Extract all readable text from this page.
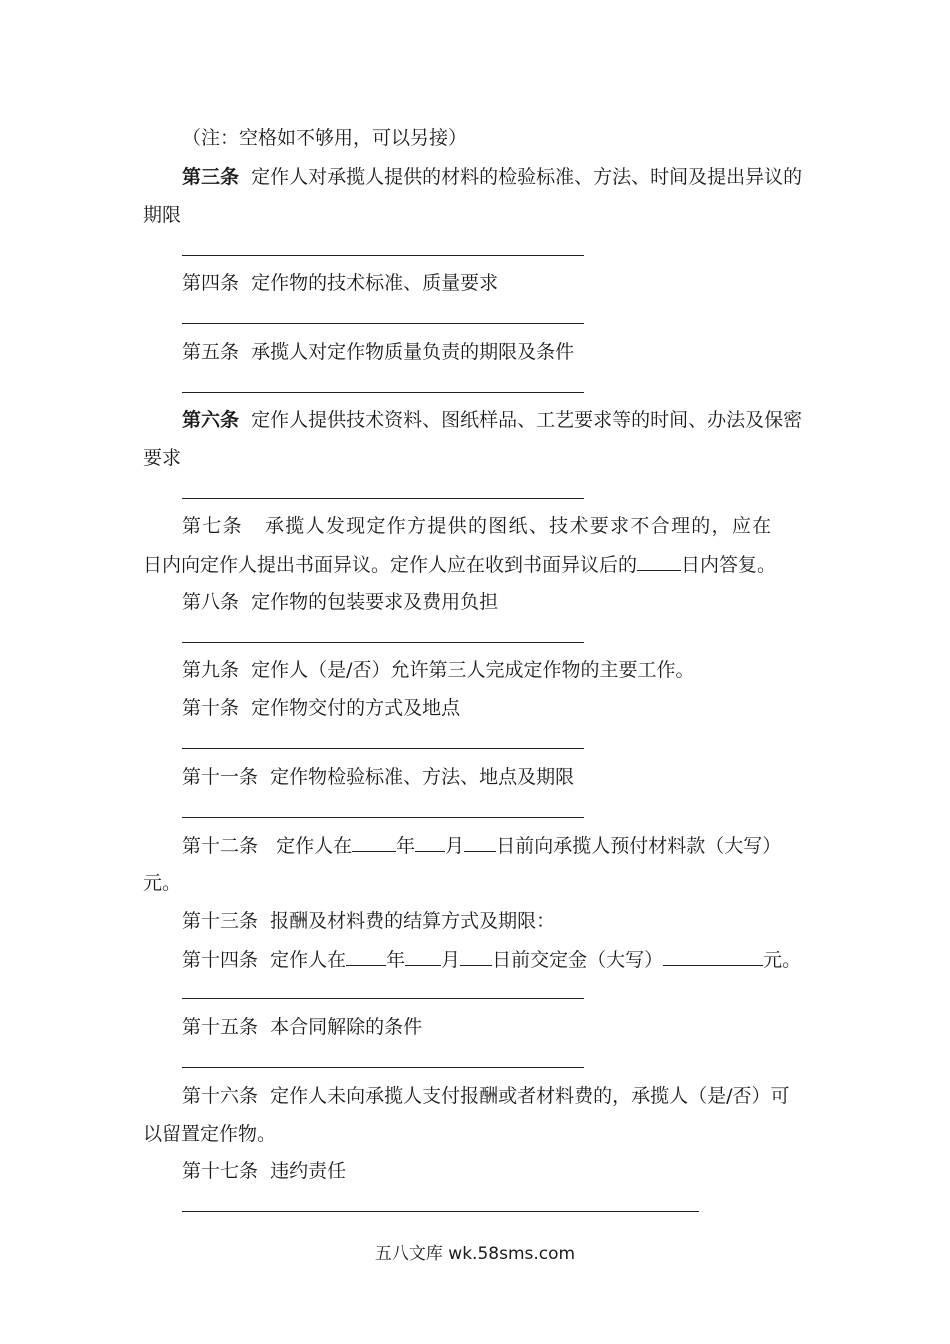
（注：空格如不够用，可以另接）
第三条 定作人对承揽人提供的材料的检验标准、方法、时间及提出异议的
期限
第四条 定作物的技术标准、质量要求
第五条 承揽人对定作物质量负责的期限及条件
第六条 定作人提供技术资料、图纸样品、工艺要求等的时间、办法及保密
要求
第七条 承揽人发现定作方提供的图纸、技术要求不合理的，应在
日内向定作人提出书面异议。定作人应在收到书面异议后的 日内答复。
第八条 定作物的包装要求及费用负担
第九条 定作人（是/否）允许第三人完成定作物的主要工作。
第十条 定作物交付的方式及地点
第十一条 定作物检验标准、方法、地点及期限
第十二条 定作人在 年 月 日前向承揽人预付材料款（大写）
元。
第十三条 报酬及材料费的结算方式及期限：
第十四条 定作人在 年 月 日前交定金（大写）	元。
第十五条 本合同解除的条件
第十六条 定作人未向承揽人支付报酬或者材料费的，承揽人（是/否）可
以留置定作物。
第十七条 违约责任
五八文库 wk.58sms.com
